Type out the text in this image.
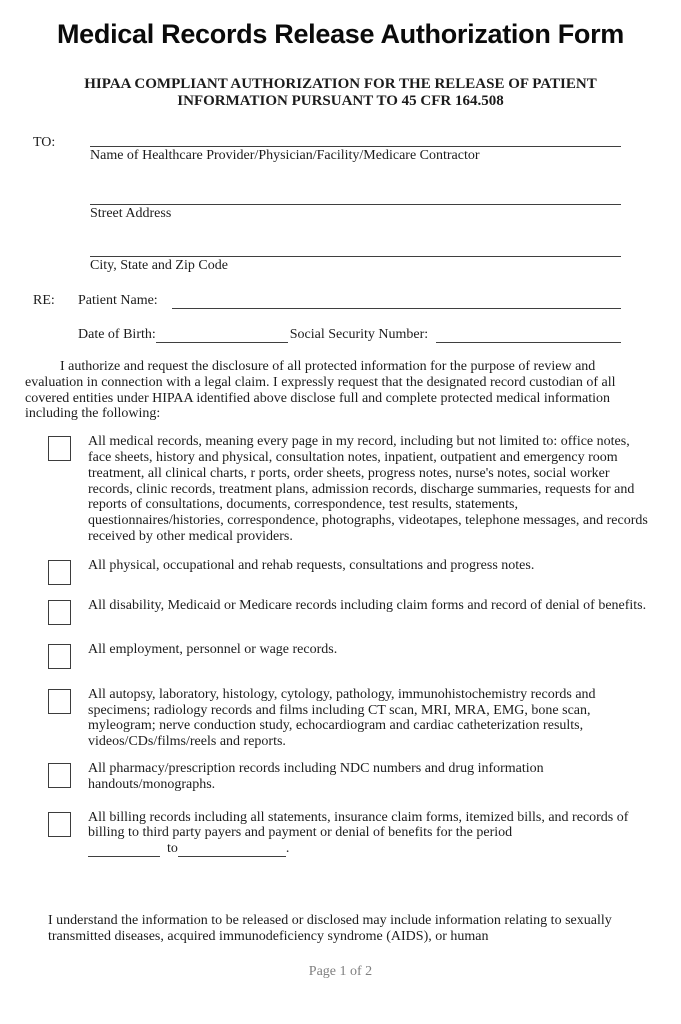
Medical Records Release Authorization Form
HIPAA COMPLIANT AUTHORIZATION FOR THE RELEASE OF PATIENT
INFORMATION PURSUANT TO 45 CFR 164.508
TO:
Name of Healthcare Provider/Physician/Facility/Medicare Contractor
Street Address
City, State and Zip Code
RE:	Patient Name:
Date of Birth:	Social Security Number:
I authorize and request the disclosure of all protected information for the purpose of review and evaluation in connection with a legal claim. I expressly request that the designated record custodian of all covered entities under HIPAA identified above disclose full and complete protected medical information including the following:
All medical records, meaning every page in my record, including but not limited to: office notes, face sheets, history and physical, consultation notes, inpatient, outpatient and emergency room treatment, all clinical charts, r ports, order sheets, progress notes, nurse's notes, social worker records, clinic records, treatment plans, admission records, discharge summaries, requests for and reports of consultations, documents, correspondence, test results, statements, questionnaires/histories, correspondence, photographs, videotapes, telephone messages, and records received by other medical providers.
All physical, occupational and rehab requests, consultations and progress notes.
All disability, Medicaid or Medicare records including claim forms and record of denial of benefits.
All employment, personnel or wage records.
All autopsy, laboratory, histology, cytology, pathology, immunohistochemistry records and specimens; radiology records and films including CT scan, MRI, MRA, EMG, bone scan, myleogram; nerve conduction study, echocardiogram and cardiac catheterization results, videos/CDs/films/reels and reports.
All pharmacy/prescription records including NDC numbers and drug information handouts/monographs.
All billing records including all statements, insurance claim forms, itemized bills, and records of billing to third party payers and payment or denial of benefits for the period
to	.
I understand the information to be released or disclosed may include information relating to sexually transmitted diseases, acquired immunodeficiency syndrome (AIDS), or human
Page 1 of 2
